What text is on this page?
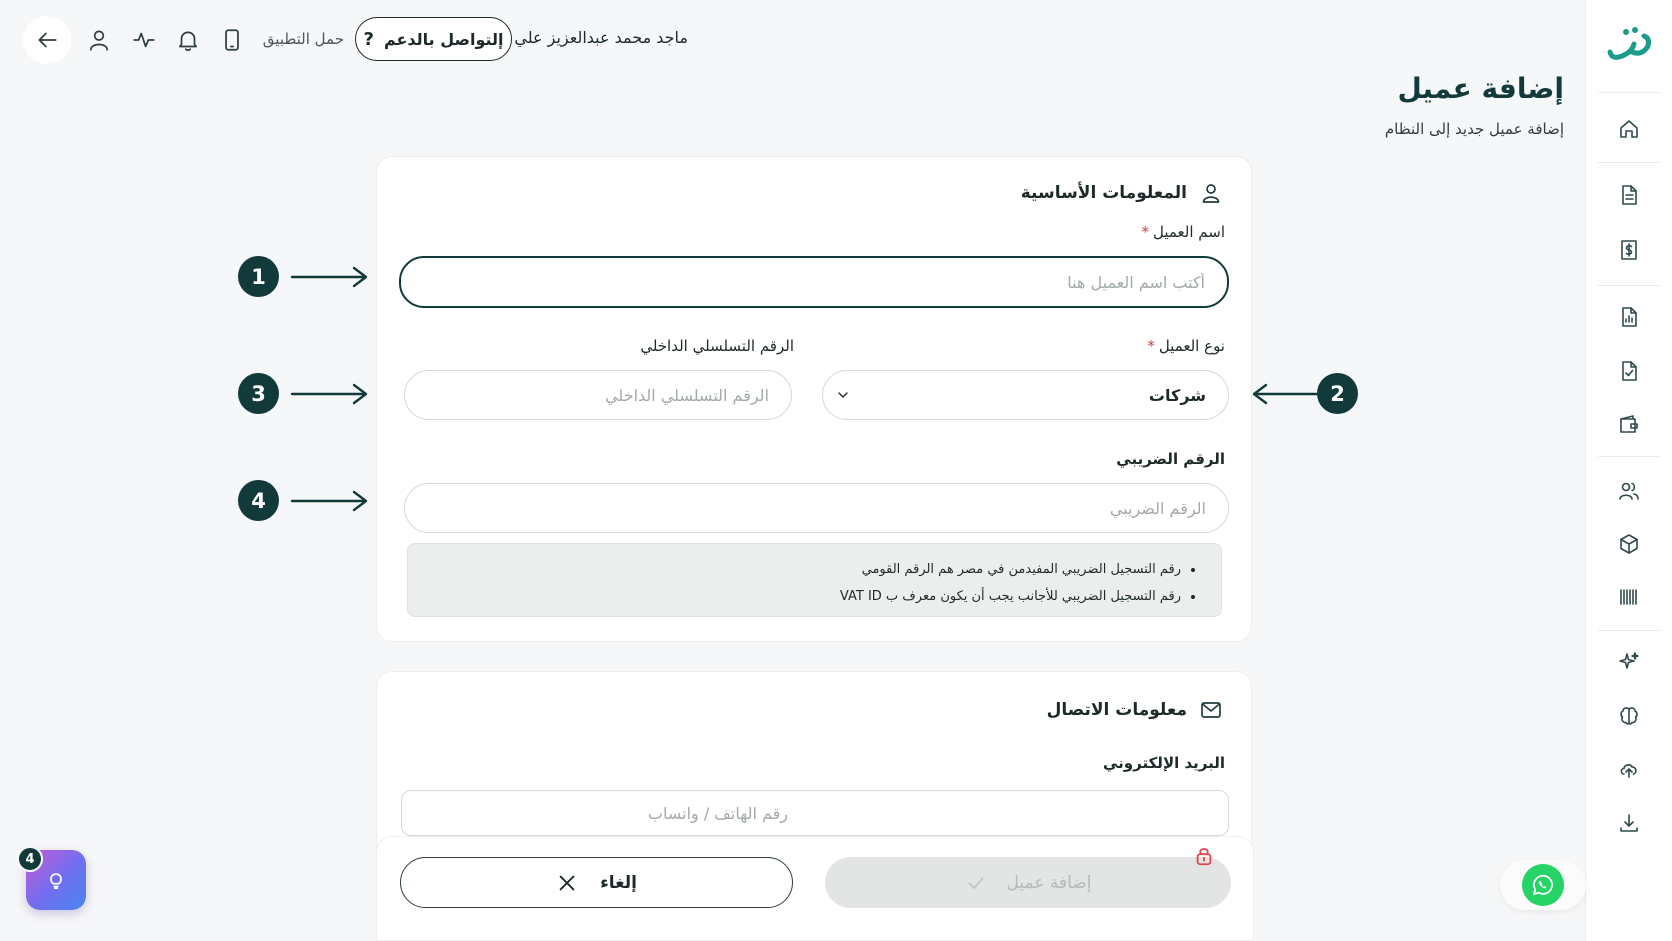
ماجد محمد عبدالعزيز علي
إلتواصل بالدعم
?
حمل التطبيق
إضافة عميل

إضافة عميل جديد إلى النظام

المعلومات الأساسية
اسم العميل*
أكتب اسم العميل هنا
نوع العميل*
شركات
الرقم التسلسلي الداخلي
الرقم التسلسلي الداخلي
الرقم الضريبي
الرقم الضريبي
• رقم التسجيل الضريبي المفيدمن في مصر هم الرقم القومي
• رقم التسجيل الضريبي للأجانب يجب أن يكون معرف ب VAT ID
معلومات الاتصال
البريد الإلكتروني
رقم الهاتف / واتساب
1
2
3
4
إلغاء	إضافة عميل
4
